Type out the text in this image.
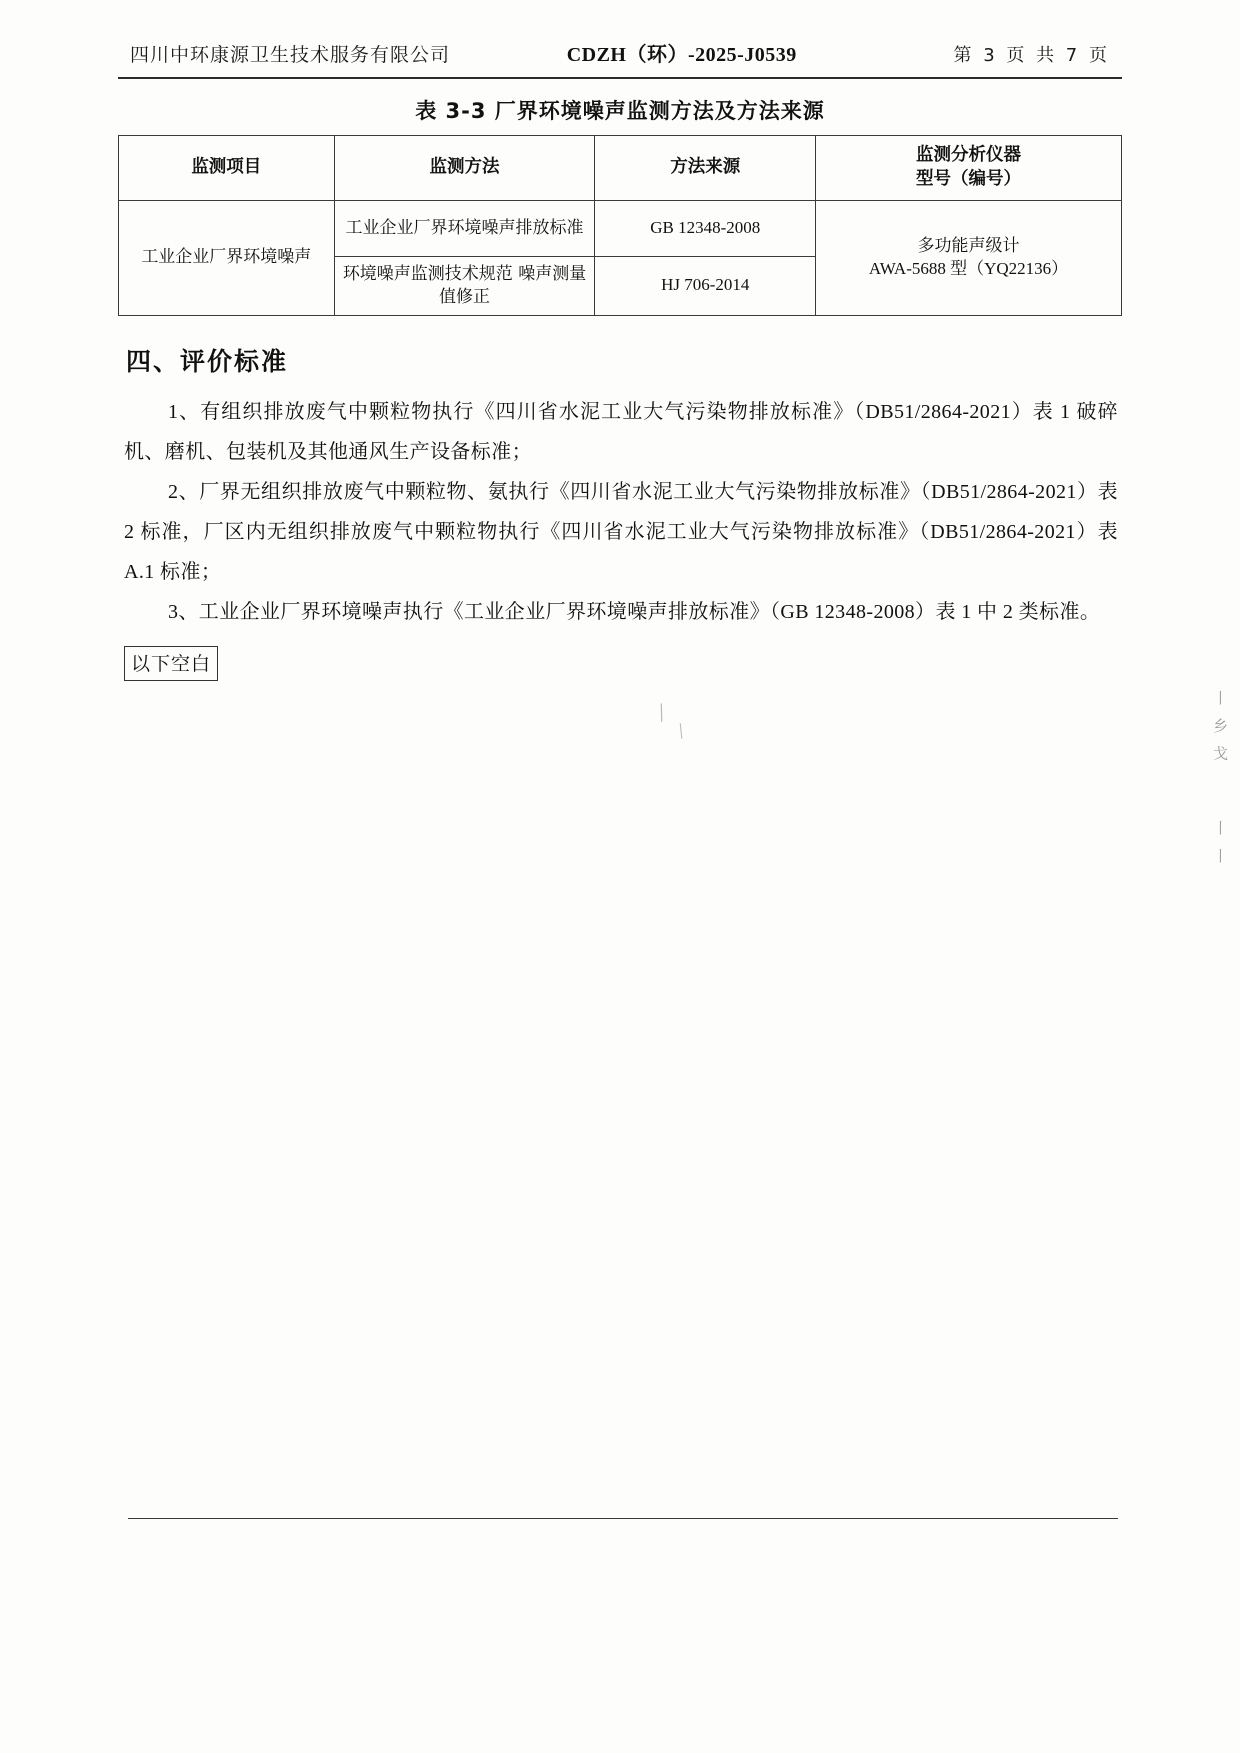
四川中环康源卫生技术服务有限公司	CDZH（环）-2025-J0539	第 3 页 共 7 页
表 3-3 厂界环境噪声监测方法及方法来源
监测项目	监测方法	方法来源	监测分析仪器
型号（编号）

工业企业厂界环境噪声	工业企业厂界环境噪声排放标准	GB 12348-2008	多功能声级计
AWA-5688 型（YQ22136）

	环境噪声监测技术规范 噪声测量值修正	HJ 706-2014	
四、评价标准
1、有组织排放废气中颗粒物执行《四川省水泥工业大气污染物排放标准》（DB51/2864-2021）表 1 破碎机、磨机、包装机及其他通风生产设备标准；
2、厂界无组织排放废气中颗粒物、氨执行《四川省水泥工业大气污染物排放标准》（DB51/2864-2021）表 2 标准，厂区内无组织排放废气中颗粒物执行《四川省水泥工业大气污染物排放标准》（DB51/2864-2021）表 A.1 标准；
3、工业企业厂界环境噪声执行《工业企业厂界环境噪声排放标准》（GB 12348-2008）表 1 中 2 类标准。
以下空白
/
/	丨 乡 戈
丨 丨
